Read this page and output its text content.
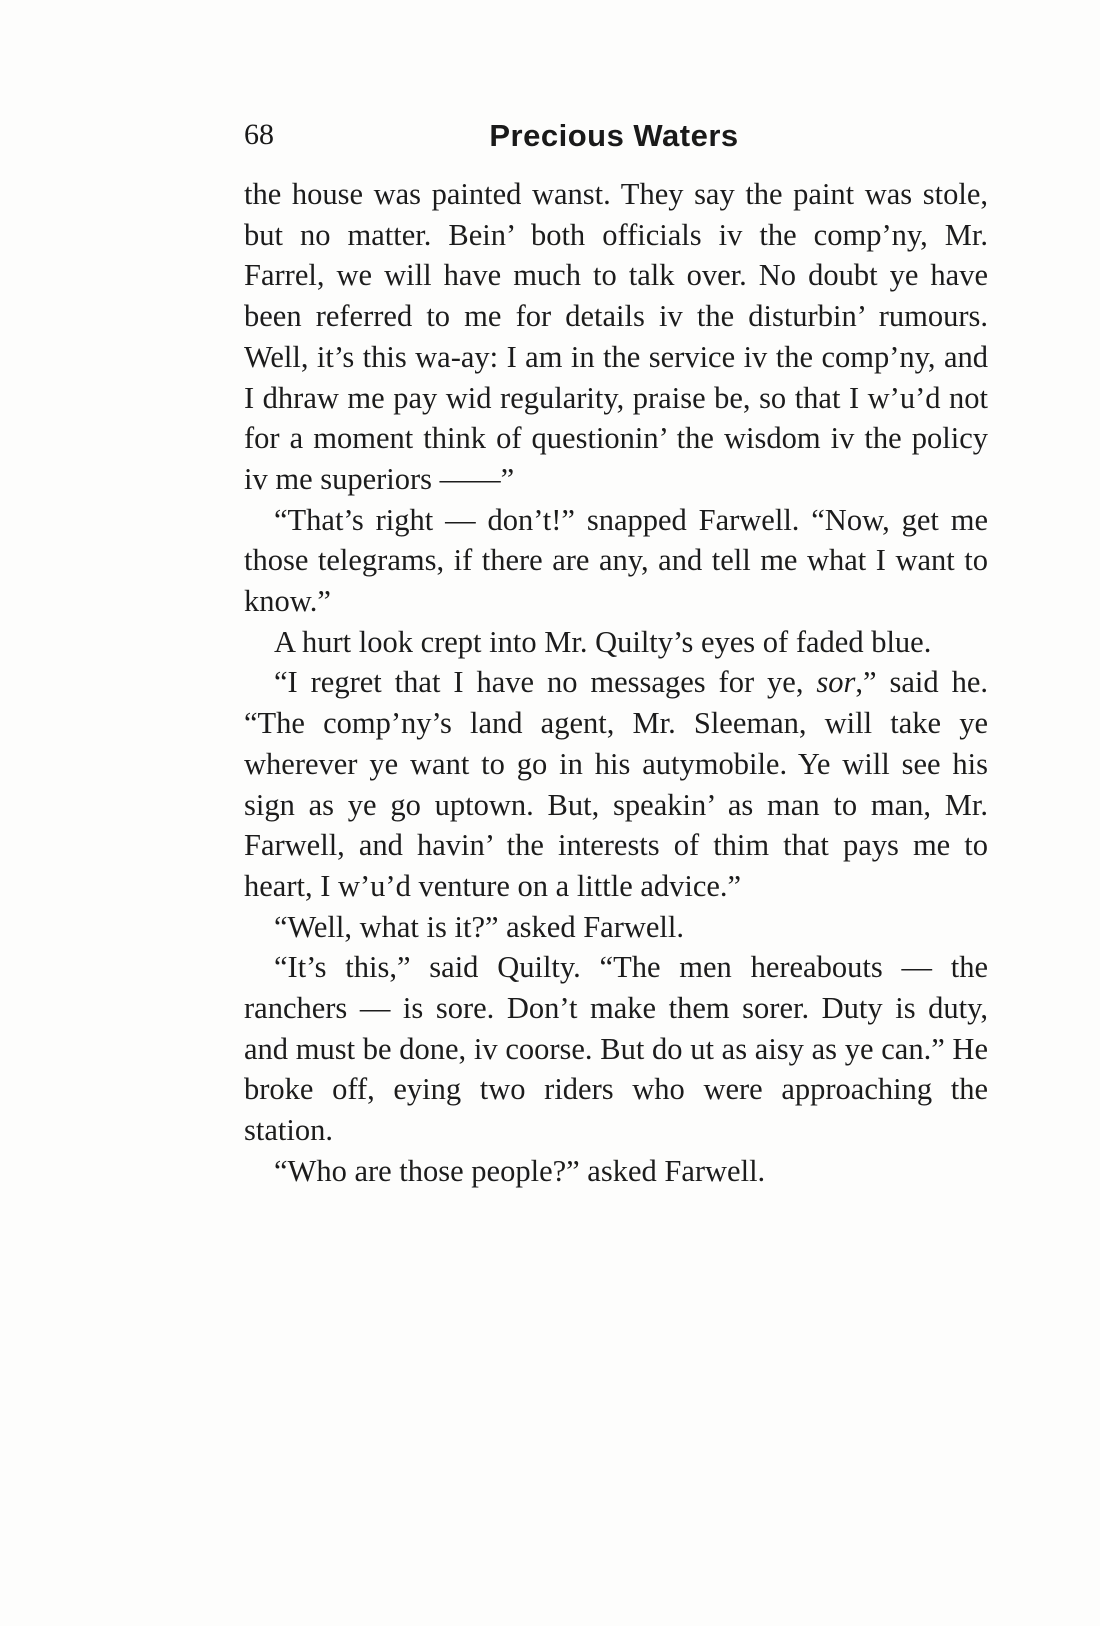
68	Precious Waters

the house was painted wanst. They say the paint was stole, but no matter. Bein’ both officials iv the comp’ny, Mr. Farrel, we will have much to talk over. No doubt ye have been referred to me for details iv the disturbin’ rumours. Well, it’s this wa-ay: I am in the service iv the comp’ny, and I dhraw me pay wid regularity, praise be, so that I w’u’d not for a moment think of questionin’ the wisdom iv the policy iv me superiors ——”

“That’s right — don’t!” snapped Farwell. “Now, get me those telegrams, if there are any, and tell me what I want to know.”

A hurt look crept into Mr. Quilty’s eyes of faded blue.

“I regret that I have no messages for ye, sor,” said he. “The comp’ny’s land agent, Mr. Sleeman, will take ye wherever ye want to go in his autymobile. Ye will see his sign as ye go uptown. But, speakin’ as man to man, Mr. Farwell, and havin’ the interests of thim that pays me to heart, I w’u’d venture on a little advice.”

“Well, what is it?” asked Farwell.

“It’s this,” said Quilty. “The men hereabouts — the ranchers — is sore. Don’t make them sorer. Duty is duty, and must be done, iv coorse. But do ut as aisy as ye can.” He broke off, eying two riders who were approaching the station.

“Who are those people?” asked Farwell.
